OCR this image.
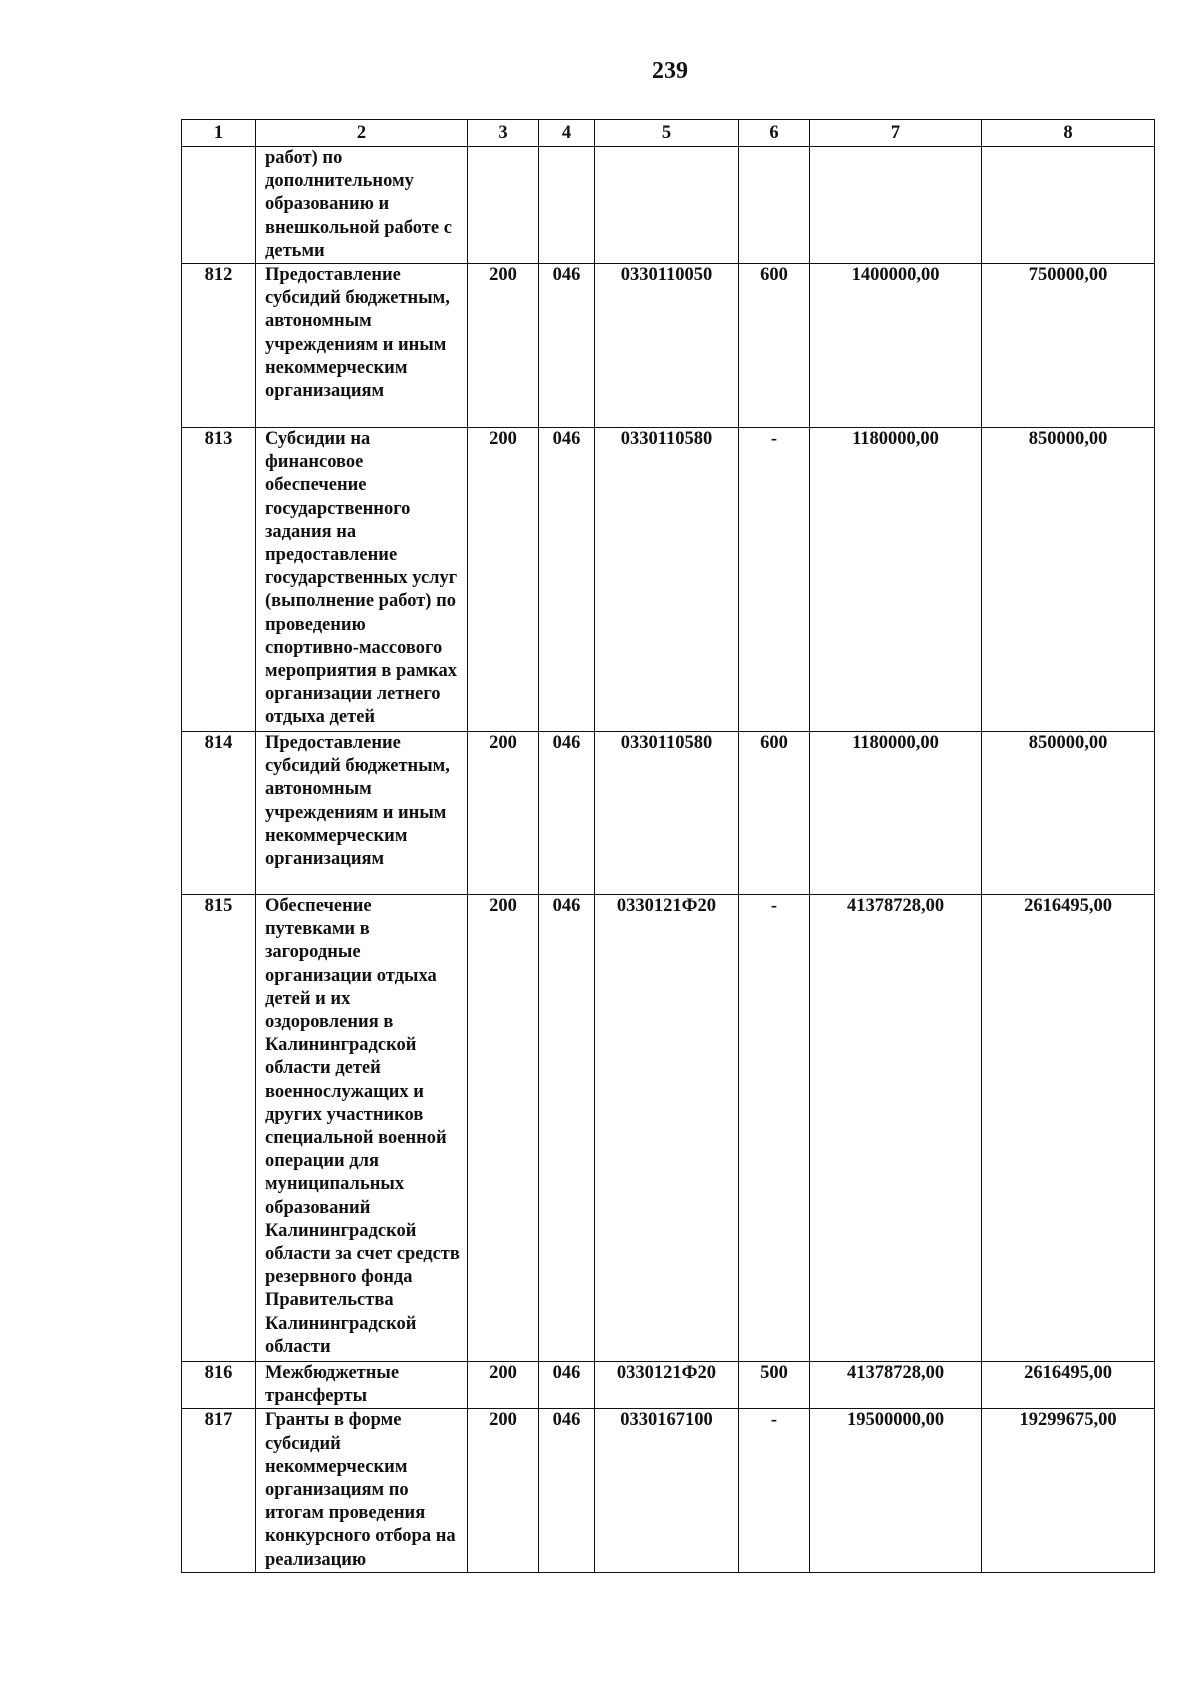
239
1	2	3	4	5	6	7	8
	работ) по дополнительному образованию и внешкольной работе с детьми						
812	Предоставление субсидий бюджетным, автономным учреждениям и иным некоммерческим организациям	200	046	0330110050	600	1400000,00	750000,00
813	Субсидии на финансовое обеспечение государственного задания на предоставление государственных услуг (выполнение работ) по проведению спортивно-массового мероприятия в рамках организации летнего отдыха детей	200	046	0330110580	-	1180000,00	850000,00
814	Предоставление субсидий бюджетным, автономным учреждениям и иным некоммерческим организациям	200	046	0330110580	600	1180000,00	850000,00
815	Обеспечение путевками в загородные организации отдыха детей и их оздоровления в Калининградской области детей военнослужащих и других участников специальной военной операции для муниципальных образований Калининградской области за счет средств резервного фонда Правительства Калининградской области	200	046	0330121Ф20	-	41378728,00	2616495,00
816	Межбюджетные трансферты	200	046	0330121Ф20	500	41378728,00	2616495,00
817	Гранты в форме субсидий некоммерческим организациям по итогам проведения конкурсного отбора на реализацию	200	046	0330167100	-	19500000,00	19299675,00
